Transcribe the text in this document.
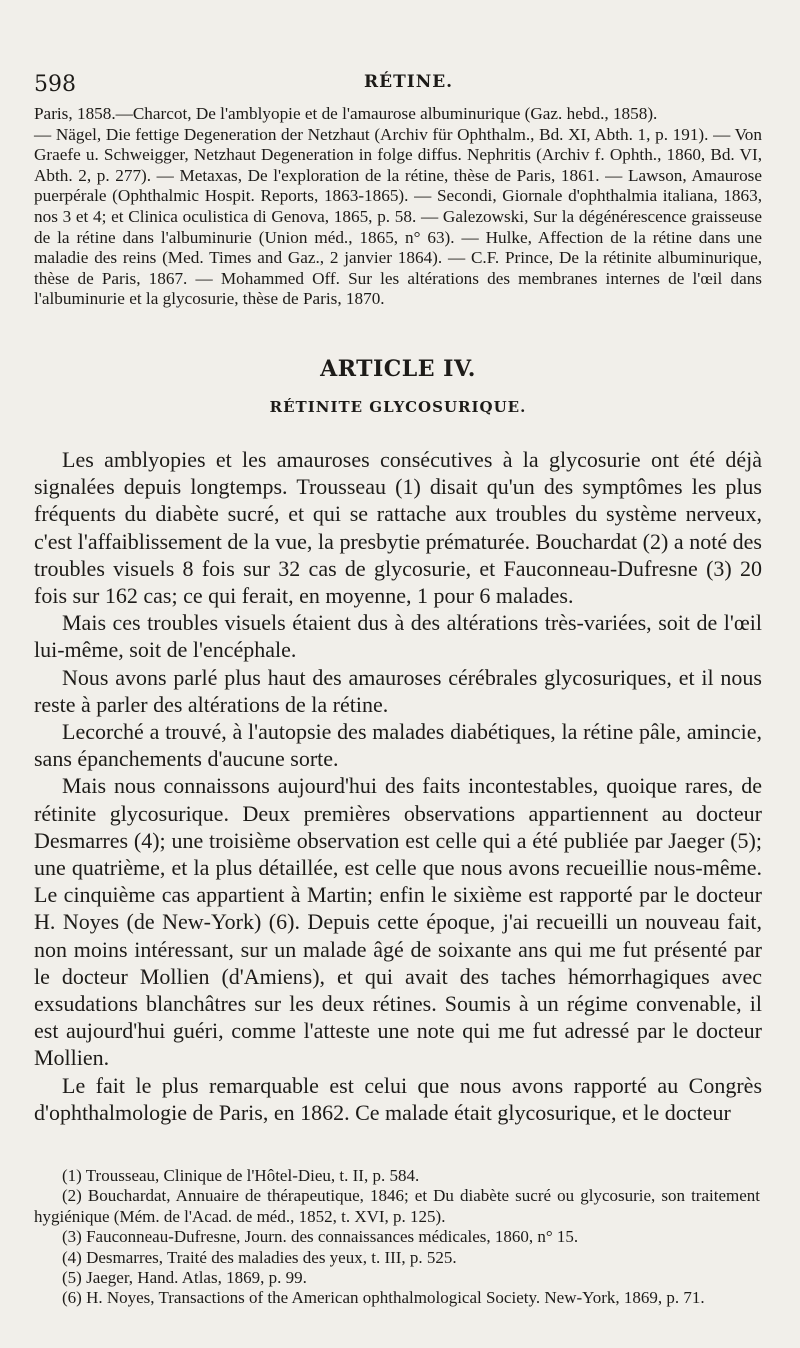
598	RÉTINE.

Paris, 1858.—Charcot, De l'amblyopie et de l'amaurose albuminurique (Gaz. hebd., 1858).

— Nägel, Die fettige Degeneration der Netzhaut (Archiv für Ophthalm., Bd. XI, Abth. 1, p. 191). — Von Graefe u. Schweigger, Netzhaut Degeneration in folge diffus. Nephritis (Archiv f. Ophth., 1860, Bd. VI, Abth. 2, p. 277). — Metaxas, De l'exploration de la rétine, thèse de Paris, 1861. — Lawson, Amaurose puerpérale (Ophthalmic Hospit. Reports, 1863-1865). — Secondi, Giornale d'ophthalmia italiana, 1863, nos 3 et 4; et Clinica oculistica di Genova, 1865, p. 58. — Galezowski, Sur la dégénérescence graisseuse de la rétine dans l'albuminurie (Union méd., 1865, n° 63). — Hulke, Affection de la rétine dans une maladie des reins (Med. Times and Gaz., 2 janvier 1864). — C.F. Prince, De la rétinite albuminurique, thèse de Paris, 1867. — Mohammed Off. Sur les altérations des membranes internes de l'œil dans l'albuminurie et la glycosurie, thèse de Paris, 1870.

ARTICLE IV.
RÉTINITE GLYCOSURIQUE.

Les amblyopies et les amauroses consécutives à la glycosurie ont été déjà signalées depuis longtemps. Trousseau (1) disait qu'un des symptômes les plus fréquents du diabète sucré, et qui se rattache aux troubles du système nerveux, c'est l'affaiblissement de la vue, la presbytie prématurée. Bouchardat (2) a noté des troubles visuels 8 fois sur 32 cas de glycosurie, et Fauconneau-Dufresne (3) 20 fois sur 162 cas; ce qui ferait, en moyenne, 1 pour 6 malades.

Mais ces troubles visuels étaient dus à des altérations très-variées, soit de l'œil lui-même, soit de l'encéphale.

Nous avons parlé plus haut des amauroses cérébrales glycosuriques, et il nous reste à parler des altérations de la rétine.

Lecorché a trouvé, à l'autopsie des malades diabétiques, la rétine pâle, amincie, sans épanchements d'aucune sorte.

Mais nous connaissons aujourd'hui des faits incontestables, quoique rares, de rétinite glycosurique. Deux premières observations appartiennent au docteur Desmarres (4); une troisième observation est celle qui a été publiée par Jaeger (5); une quatrième, et la plus détaillée, est celle que nous avons recueillie nous-même. Le cinquième cas appartient à Martin; enfin le sixième est rapporté par le docteur H. Noyes (de New-York) (6). Depuis cette époque, j'ai recueilli un nouveau fait, non moins intéressant, sur un malade âgé de soixante ans qui me fut présenté par le docteur Mollien (d'Amiens), et qui avait des taches hémorrhagiques avec exsudations blanchâtres sur les deux rétines. Soumis à un régime convenable, il est aujourd'hui guéri, comme l'atteste une note qui me fut adressé par le docteur Mollien.

Le fait le plus remarquable est celui que nous avons rapporté au Congrès d'ophthalmologie de Paris, en 1862. Ce malade était glycosurique, et le docteur

(1) Trousseau, Clinique de l'Hôtel-Dieu, t. II, p. 584.

(2) Bouchardat, Annuaire de thérapeutique, 1846; et Du diabète sucré ou glycosurie, son traitement hygiénique (Mém. de l'Acad. de méd., 1852, t. XVI, p. 125).

(3) Fauconneau-Dufresne, Journ. des connaissances médicales, 1860, n° 15.

(4) Desmarres, Traité des maladies des yeux, t. III, p. 525.

(5) Jaeger, Hand. Atlas, 1869, p. 99.

(6) H. Noyes, Transactions of the American ophthalmological Society. New-York, 1869, p. 71.
